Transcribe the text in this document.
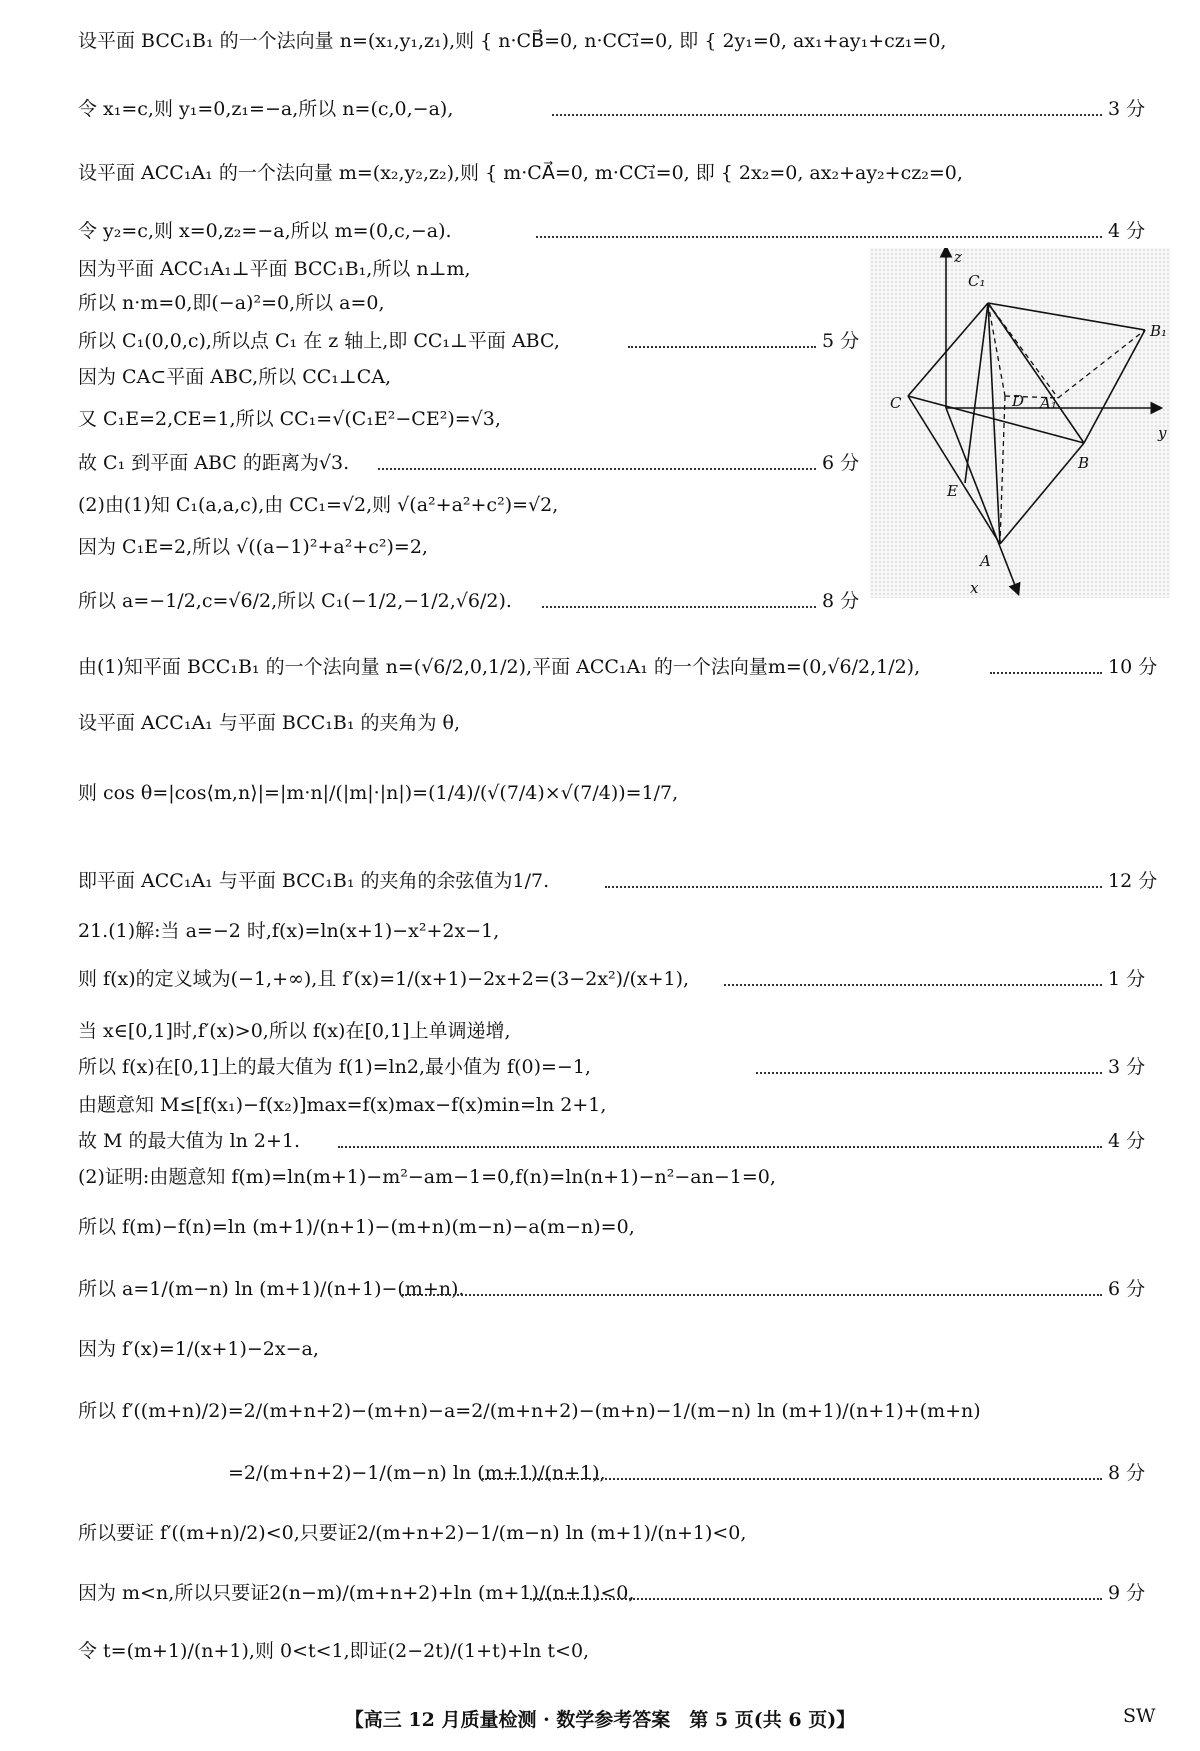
设平面 BCC₁B₁ 的一个法向量 n=(x₁,y₁,z₁),则 { n·CB⃗=0, n·CC₁⃗=0, 即 { 2y₁=0, ax₁+ay₁+cz₁=0,
令 x₁=c,则 y₁=0,z₁=−a,所以 n=(c,0,−a),
设平面 ACC₁A₁ 的一个法向量 m=(x₂,y₂,z₂),则 { m·CA⃗=0, m·CC₁⃗=0, 即 { 2x₂=0, ax₂+ay₂+cz₂=0,
令 y₂=c,则 x=0,z₂=−a,所以 m=(0,c,−a).
因为平面 ACC₁A₁⊥平面 BCC₁B₁,所以 n⊥m,
所以 n·m=0,即(−a)²=0,所以 a=0,
所以 C₁(0,0,c),所以点 C₁ 在 z 轴上,即 CC₁⊥平面 ABC,
因为 CA⊂平面 ABC,所以 CC₁⊥CA,
又 C₁E=2,CE=1,所以 CC₁=√(C₁E²−CE²)=√3,
故 C₁ 到平面 ABC 的距离为√3.
(2)由(1)知 C₁(a,a,c),由 CC₁=√2,则 √(a²+a²+c²)=√2,
因为 C₁E=2,所以 √((a−1)²+a²+c²)=2,
所以 a=−1/2,c=√6/2,所以 C₁(−1/2,−1/2,√6/2).
由(1)知平面 BCC₁B₁ 的一个法向量 n=(√6/2,0,1/2),平面 ACC₁A₁ 的一个法向量m=(0,√6/2,1/2),
设平面 ACC₁A₁ 与平面 BCC₁B₁ 的夹角为 θ,
则 cos θ=|cos⟨m,n⟩|=|m·n|/(|m|·|n|)=(1/4)/(√(7/4)×√(7/4))=1/7,
即平面 ACC₁A₁ 与平面 BCC₁B₁ 的夹角的余弦值为1/7.
21.(1)解:当 a=−2 时,f(x)=ln(x+1)−x²+2x−1,
则 f(x)的定义域为(−1,+∞),且 f′(x)=1/(x+1)−2x+2=(3−2x²)/(x+1),
当 x∈[0,1]时,f′(x)>0,所以 f(x)在[0,1]上单调递增,
所以 f(x)在[0,1]上的最大值为 f(1)=ln2,最小值为 f(0)=−1,
由题意知 M≤[f(x₁)−f(x₂)]max=f(x)max−f(x)min=ln 2+1,
故 M 的最大值为 ln 2+1.
(2)证明:由题意知 f(m)=ln(m+1)−m²−am−1=0,f(n)=ln(n+1)−n²−an−1=0,
所以 f(m)−f(n)=ln (m+1)/(n+1)−(m+n)(m−n)−a(m−n)=0,
所以 a=1/(m−n) ln (m+1)/(n+1)−(m+n).
因为 f′(x)=1/(x+1)−2x−a,
所以 f′((m+n)/2)=2/(m+n+2)−(m+n)−a=2/(m+n+2)−(m+n)−1/(m−n) ln (m+1)/(n+1)+(m+n)
=2/(m+n+2)−1/(m−n) ln (m+1)/(n+1),
所以要证 f′((m+n)/2)<0,只要证2/(m+n+2)−1/(m−n) ln (m+1)/(n+1)<0,
因为 m<n,所以只要证2(n−m)/(m+n+2)+ln (m+1)/(n+1)<0,
令 t=(m+1)/(n+1),则 0<t<1,即证(2−2t)/(1+t)+ln t<0,
3 分
4 分
5 分
6 分
8 分
10 分
12 分
1 分
3 分
4 分
6 分
8 分
9 分
z
C₁
B₁
C	D A₁
B
y
E
A
x
【高三 12 月质量检测 · 数学参考答案　第 5 页(共 6 页)】	SW
